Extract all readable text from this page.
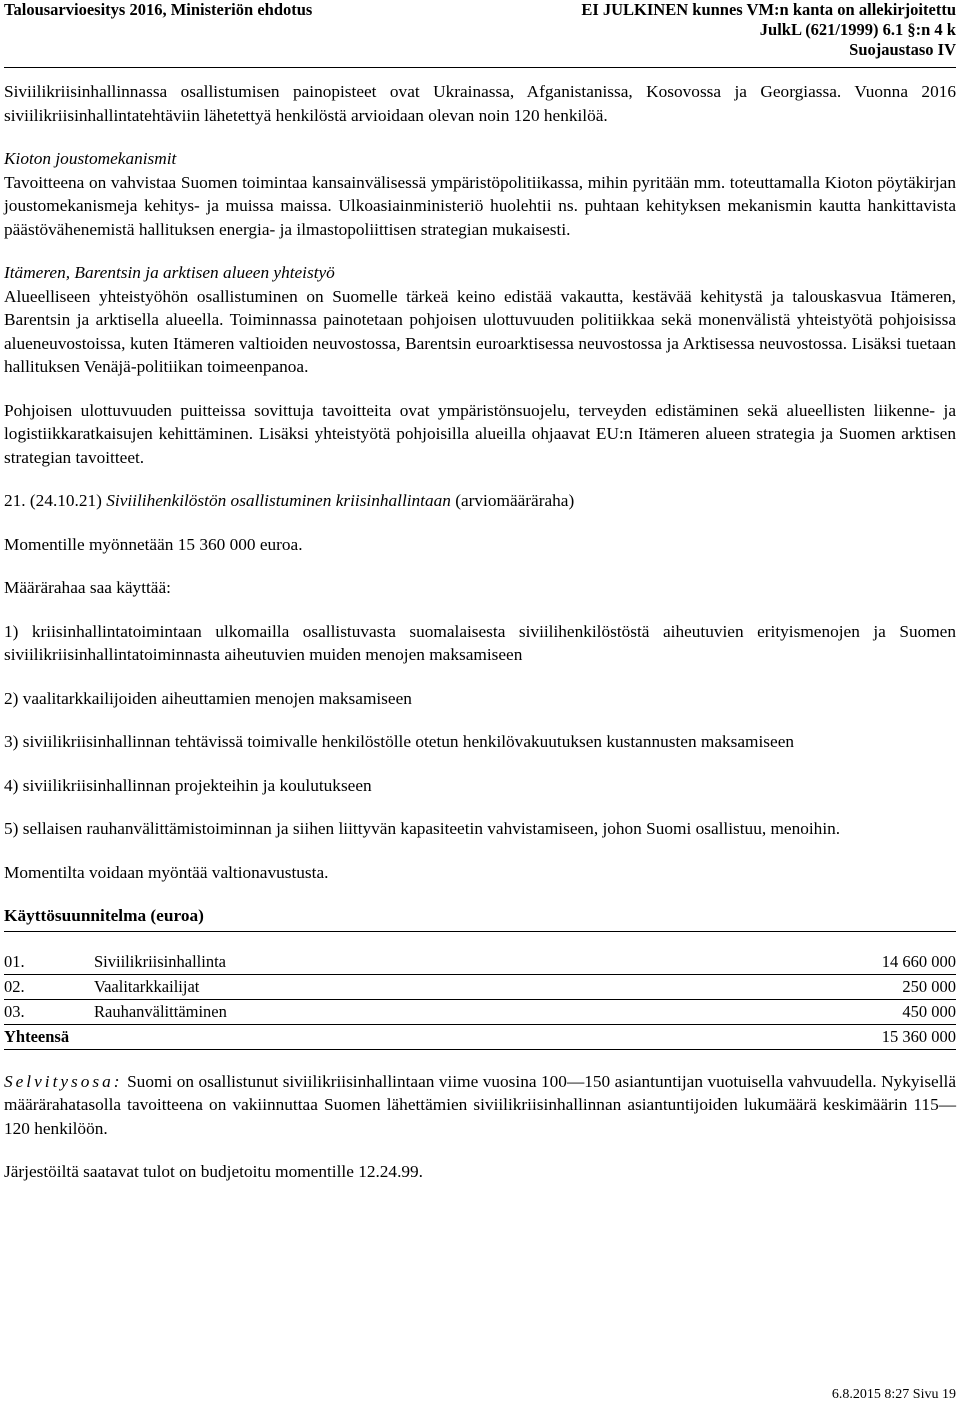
Talousarvioesitys 2016, Ministeriön ehdotus	EI JULKINEN kunnes VM:n kanta on allekirjoitettu
JulkL (621/1999) 6.1 §:n 4 k
Suojaustaso IV

Siviilikriisinhallinnassa osallistumisen painopisteet ovat Ukrainassa, Afganistanissa, Kosovossa ja Georgiassa. Vuonna 2016 siviilikriisinhallintatehtäviin lähetettyä henkilöstä arvioidaan olevan noin 120 henkilöä.

Kioton joustomekanismit

Tavoitteena on vahvistaa Suomen toimintaa kansainvälisessä ympäristöpolitiikassa, mihin pyritään mm. toteuttamalla Kioton pöytäkirjan joustomekanismeja kehitys- ja muissa maissa. Ulkoasiainministeriö huolehtii ns. puhtaan kehityksen mekanismin kautta hankittavista päästövähenemistä hallituksen energia- ja ilmastopoliittisen strategian mukaisesti.

Itämeren, Barentsin ja arktisen alueen yhteistyö

Alueelliseen yhteistyöhön osallistuminen on Suomelle tärkeä keino edistää vakautta, kestävää kehitystä ja talouskasvua Itämeren, Barentsin ja arktisella alueella. Toiminnassa painotetaan pohjoisen ulottuvuuden politiikkaa sekä monenvälistä yhteistyötä pohjoisissa alueneuvostoissa, kuten Itämeren valtioiden neuvostossa, Barentsin euroarktisessa neuvostossa ja Arktisessa neuvostossa. Lisäksi tuetaan hallituksen Venäjä-politiikan toimeenpanoa.

Pohjoisen ulottuvuuden puitteissa sovittuja tavoitteita ovat ympäristönsuojelu, terveyden edistäminen sekä alueellisten liikenne- ja logistiikkaratkaisujen kehittäminen. Lisäksi yhteistyötä pohjoisilla alueilla ohjaavat EU:n Itämeren alueen strategia ja Suomen arktisen strategian tavoitteet.

21. (24.10.21) Siviilihenkilöstön osallistuminen kriisinhallintaan (arviomääräraha)

Momentille myönnetään 15 360 000 euroa.

Määrärahaa saa käyttää:

1) kriisinhallintatoimintaan ulkomailla osallistuvasta suomalaisesta siviilihenkilöstöstä aiheutuvien erityismenojen ja Suomen siviilikriisinhallintatoiminnasta aiheutuvien muiden menojen maksamiseen

2) vaalitarkkailijoiden aiheuttamien menojen maksamiseen

3) siviilikriisinhallinnan tehtävissä toimivalle henkilöstölle otetun henkilövakuutuksen kustannusten maksamiseen

4) siviilikriisinhallinnan projekteihin ja koulutukseen

5) sellaisen rauhanvälittämistoiminnan ja siihen liittyvän kapasiteetin vahvistamiseen, johon Suomi osallistuu, menoihin.

Momentilta voidaan myöntää valtionavustusta.

Käyttösuunnitelma (euroa)

01.	Siviilikriisinhallinta	14 660 000
02.	Vaalitarkkailijat	250 000
03.	Rauhanvälittäminen	450 000
Yhteensä		15 360 000

Selvitysosa: Suomi on osallistunut siviilikriisinhallintaan viime vuosina 100—150 asiantuntijan vuotuisella vahvuudella. Nykyisellä määrärahatasolla tavoitteena on vakiinnuttaa Suomen lähettämien siviilikriisinhallinnan asiantuntijoiden lukumäärä keskimäärin 115—120 henkilöön.

Järjestöiltä saatavat tulot on budjetoitu momentille 12.24.99.

6.8.2015 8:27 Sivu 19
